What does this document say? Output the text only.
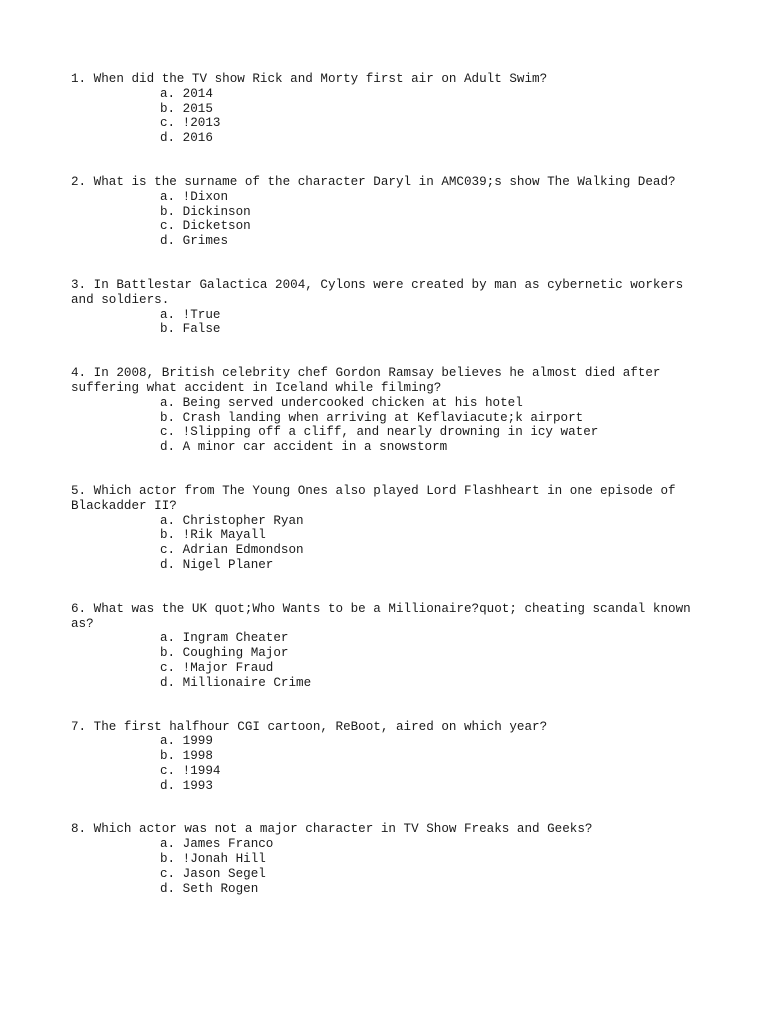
1. When did the TV show Rick and Morty first air on Adult Swim?

a. 2014
b. 2015
c. !2013
d. 2016

2. What is the surname of the character Daryl in AMC039;s show The Walking Dead?

a. !Dixon
b. Dickinson
c. Dicketson
d. Grimes

3. In Battlestar Galactica 2004, Cylons were created by man as cybernetic workers
and soldiers.

a. !True
b. False

4. In 2008, British celebrity chef Gordon Ramsay believes he almost died after
suffering what accident in Iceland while filming?

a. Being served undercooked chicken at his hotel
b. Crash landing when arriving at Keflaviacute;k airport
c. !Slipping off a cliff, and nearly drowning in icy water
d. A minor car accident in a snowstorm

5. Which actor from The Young Ones also played Lord Flashheart in one episode of
Blackadder II?

a. Christopher Ryan
b. !Rik Mayall
c. Adrian Edmondson
d. Nigel Planer

6. What was the UK quot;Who Wants to be a Millionaire?quot; cheating scandal known
as?

a. Ingram Cheater
b. Coughing Major
c. !Major Fraud
d. Millionaire Crime

7. The first halfhour CGI cartoon, ReBoot, aired on which year?

a. 1999
b. 1998
c. !1994
d. 1993

8. Which actor was not a major character in TV Show Freaks and Geeks?

a. James Franco
b. !Jonah Hill
c. Jason Segel
d. Seth Rogen
